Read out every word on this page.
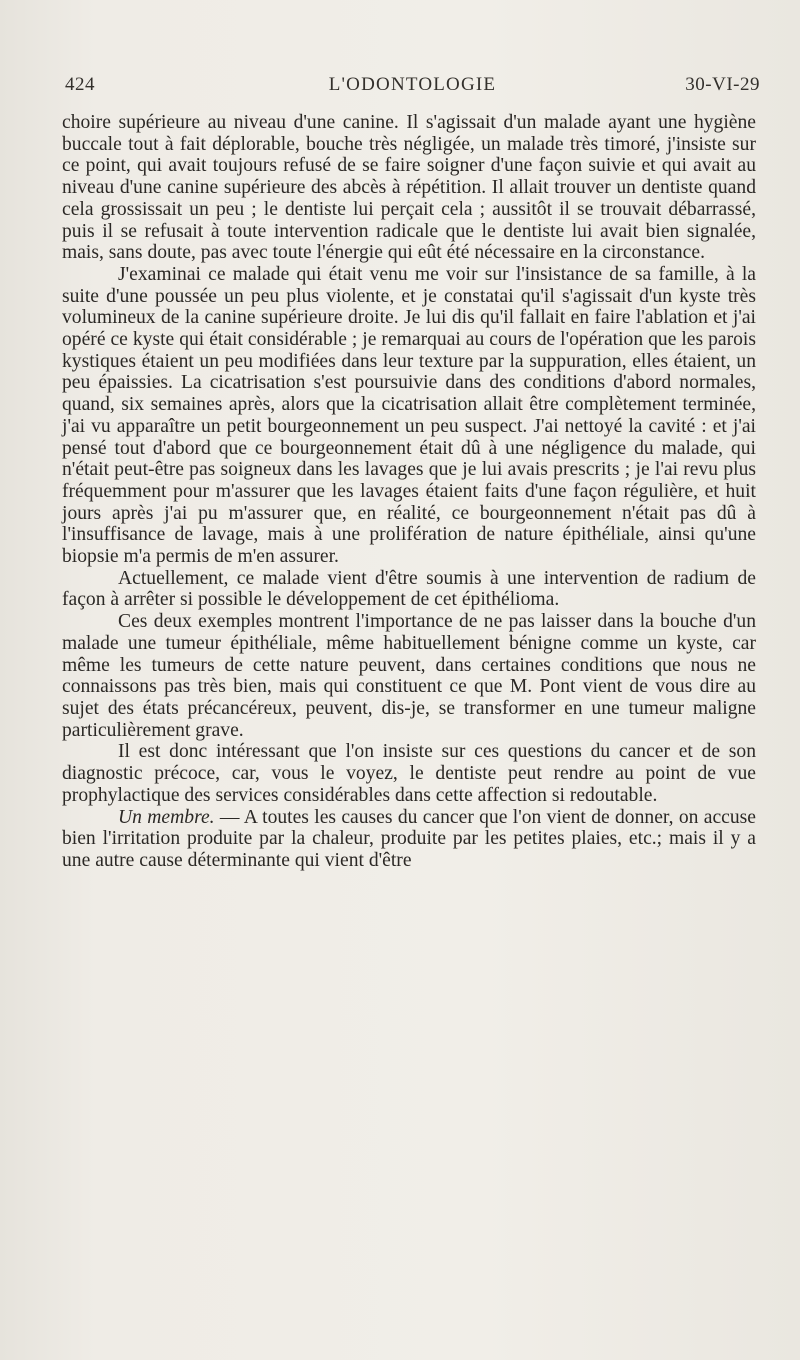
424	L'ODONTOLOGIE	30-VI-29

choire supérieure au niveau d'une canine. Il s'agissait d'un malade ayant une hygiène buccale tout à fait déplorable, bouche très négligée, un malade très timoré, j'insiste sur ce point, qui avait toujours refusé de se faire soigner d'une façon suivie et qui avait au niveau d'une canine supérieure des abcès à répétition. Il allait trouver un dentiste quand cela grossissait un peu ; le dentiste lui perçait cela ; aussitôt il se trouvait débarrassé, puis il se refusait à toute intervention radicale que le dentiste lui avait bien signalée, mais, sans doute, pas avec toute l'énergie qui eût été nécessaire en la circonstance.

J'examinai ce malade qui était venu me voir sur l'insistance de sa famille, à la suite d'une poussée un peu plus violente, et je constatai qu'il s'agissait d'un kyste très volumineux de la canine supérieure droite. Je lui dis qu'il fallait en faire l'ablation et j'ai opéré ce kyste qui était considérable ; je remarquai au cours de l'opération que les parois kystiques étaient un peu modifiées dans leur texture par la suppuration, elles étaient, un peu épaissies. La cicatrisation s'est poursuivie dans des conditions d'abord normales, quand, six semaines après, alors que la cicatrisation allait être complètement terminée, j'ai vu apparaître un petit bourgeonnement un peu suspect. J'ai nettoyé la cavité : et j'ai pensé tout d'abord que ce bourgeonnement était dû à une négligence du malade, qui n'était peut-être pas soigneux dans les lavages que je lui avais prescrits ; je l'ai revu plus fréquemment pour m'assurer que les lavages étaient faits d'une façon régulière, et huit jours après j'ai pu m'assurer que, en réalité, ce bourgeonnement n'était pas dû à l'insuffisance de lavage, mais à une prolifération de nature épithéliale, ainsi qu'une biopsie m'a permis de m'en assurer.

Actuellement, ce malade vient d'être soumis à une intervention de radium de façon à arrêter si possible le développement de cet épithélioma.

Ces deux exemples montrent l'importance de ne pas laisser dans la bouche d'un malade une tumeur épithéliale, même habituellement bénigne comme un kyste, car même les tumeurs de cette nature peuvent, dans certaines conditions que nous ne connaissons pas très bien, mais qui constituent ce que M. Pont vient de vous dire au sujet des états précancéreux, peuvent, dis-je, se transformer en une tumeur maligne particulièrement grave.

Il est donc intéressant que l'on insiste sur ces questions du cancer et de son diagnostic précoce, car, vous le voyez, le dentiste peut rendre au point de vue prophylactique des services considérables dans cette affection si redoutable.

Un membre. — A toutes les causes du cancer que l'on vient de donner, on accuse bien l'irritation produite par la chaleur, produite par les petites plaies, etc.; mais il y a une autre cause déterminante qui vient d'être
